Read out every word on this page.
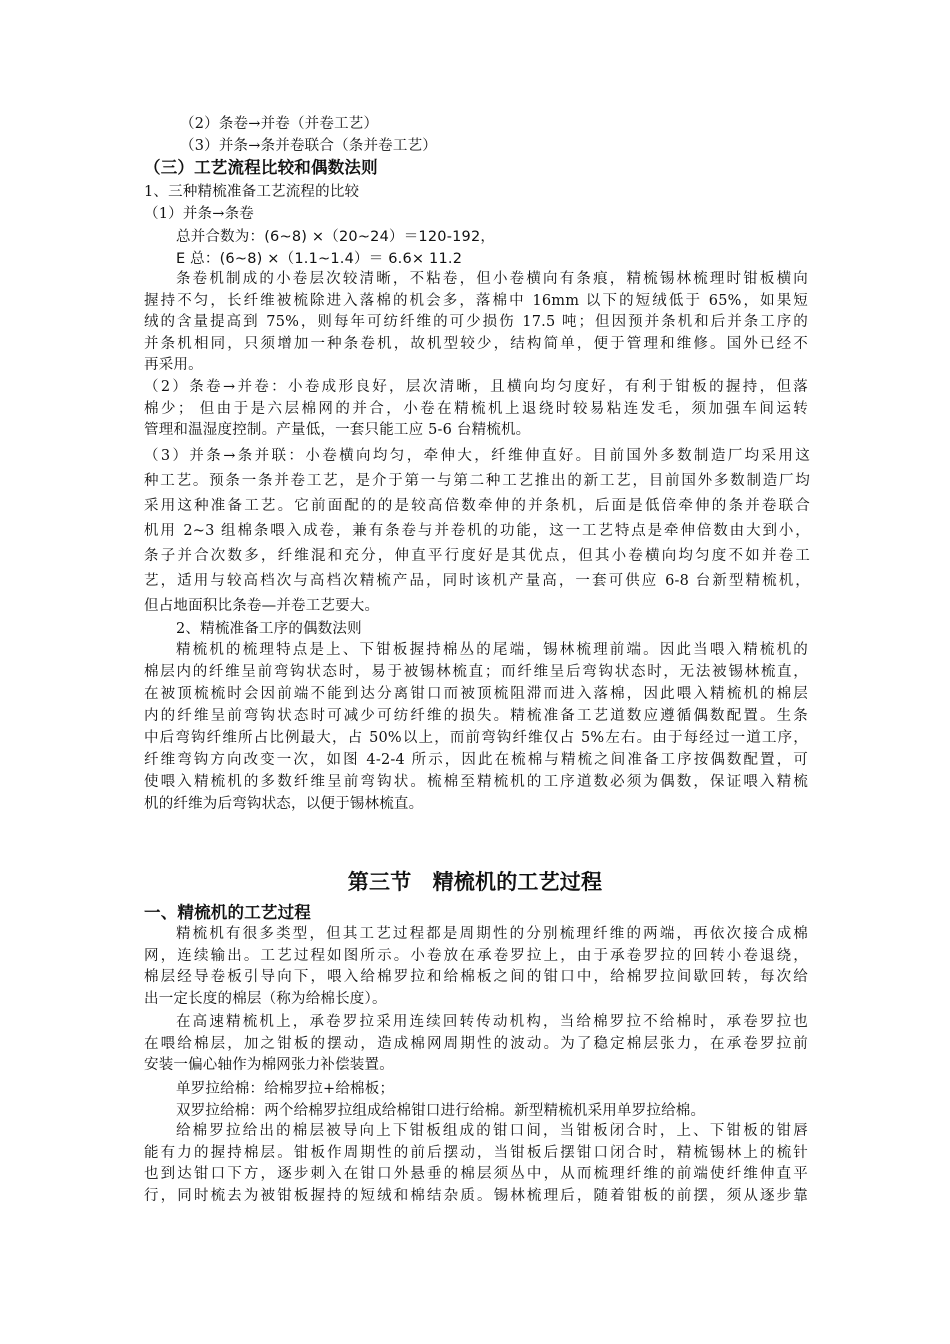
（2）条卷→并卷（并卷工艺）
（3）并条→条并卷联合（条并卷工艺）
（三）工艺流程比较和偶数法则
1、三种精梳准备工艺流程的比较
（1）并条→条卷
总并合数为：(6~8) ×（20~24）＝120-192，
E 总：(6~8) ×（1.1~1.4）＝ 6.6× 11.2
条卷机制成的小卷层次较清晰，不粘卷，但小卷横向有条痕，精梳锡林梳理时钳板横向
握持不匀，长纤维被梳除进入落棉的机会多，落棉中 16mm 以下的短绒低于 65%，如果短
绒的含量提高到 75%，则每年可纺纤维的可少损伤 17.5 吨；但因预并条机和后并条工序的
并条机相同，只须增加一种条卷机，故机型较少，结构简单，便于管理和维修。国外已经不
再采用。
（2）条卷→并卷：小卷成形良好，层次清晰，且横向均匀度好，有利于钳板的握持，但落
棉少； 但由于是六层棉网的并合，小卷在精梳机上退绕时较易粘连发毛，须加强车间运转
管理和温湿度控制。产量低，一套只能工应 5-6 台精梳机。
（3）并条→条并联：小卷横向均匀，牵伸大，纤维伸直好。目前国外多数制造厂均采用这
种工艺。预条一条并卷工艺，是介于第一与第二种工艺推出的新工艺，目前国外多数制造厂均
采用这种准备工艺。它前面配的的是较高倍数牵伸的并条机，后面是低倍牵伸的条并卷联合
机用 2~3 组棉条喂入成卷，兼有条卷与并卷机的功能，这一工艺特点是牵伸倍数由大到小，
条子并合次数多，纤维混和充分，伸直平行度好是其优点，但其小卷横向均匀度不如并卷工
艺，适用与较高档次与高档次精梳产品，同时该机产量高，一套可供应 6-8 台新型精梳机，
但占地面积比条卷—并卷工艺要大。
2、精梳准备工序的偶数法则
精梳机的梳理特点是上、下钳板握持棉丛的尾端，锡林梳理前端。因此当喂入精梳机的
棉层内的纤维呈前弯钩状态时，易于被锡林梳直；而纤维呈后弯钩状态时，无法被锡林梳直，
在被顶梳梳时会因前端不能到达分离钳口而被顶梳阻滞而进入落棉，因此喂入精梳机的棉层
内的纤维呈前弯钩状态时可减少可纺纤维的损失。精梳准备工艺道数应遵循偶数配置。生条
中后弯钩纤维所占比例最大，占 50%以上，而前弯钩纤维仅占 5%左右。由于每经过一道工序，
纤维弯钩方向改变一次，如图 4-2-4 所示，因此在梳棉与精梳之间准备工序按偶数配置，可
使喂入精梳机的多数纤维呈前弯钩状。梳棉至精梳机的工序道数必须为偶数，保证喂入精梳
机的纤维为后弯钩状态，以便于锡林梳直。
第三节　精梳机的工艺过程
一、精梳机的工艺过程
精梳机有很多类型，但其工艺过程都是周期性的分别梳理纤维的两端，再依次接合成棉
网，连续输出。工艺过程如图所示。小卷放在承卷罗拉上，由于承卷罗拉的回转小卷退绕，
棉层经导卷板引导向下，喂入给棉罗拉和给棉板之间的钳口中，给棉罗拉间歇回转，每次给
出一定长度的棉层（称为给棉长度）。
在高速精梳机上，承卷罗拉采用连续回转传动机构，当给棉罗拉不给棉时，承卷罗拉也
在喂给棉层，加之钳板的摆动，造成棉网周期性的波动。为了稳定棉层张力，在承卷罗拉前
安装一偏心轴作为棉网张力补偿装置。
单罗拉给棉：给棉罗拉+给棉板；
双罗拉给棉：两个给棉罗拉组成给棉钳口进行给棉。新型精梳机采用单罗拉给棉。
给棉罗拉给出的棉层被导向上下钳板组成的钳口间，当钳板闭合时，上、下钳板的钳唇
能有力的握持棉层。钳板作周期性的前后摆动，当钳板后摆钳口闭合时，精梳锡林上的梳针
也到达钳口下方，逐步刺入在钳口外悬垂的棉层须丛中，从而梳理纤维的前端使纤维伸直平
行，同时梳去为被钳板握持的短绒和棉结杂质。锡林梳理后，随着钳板的前摆，须从逐步靠
